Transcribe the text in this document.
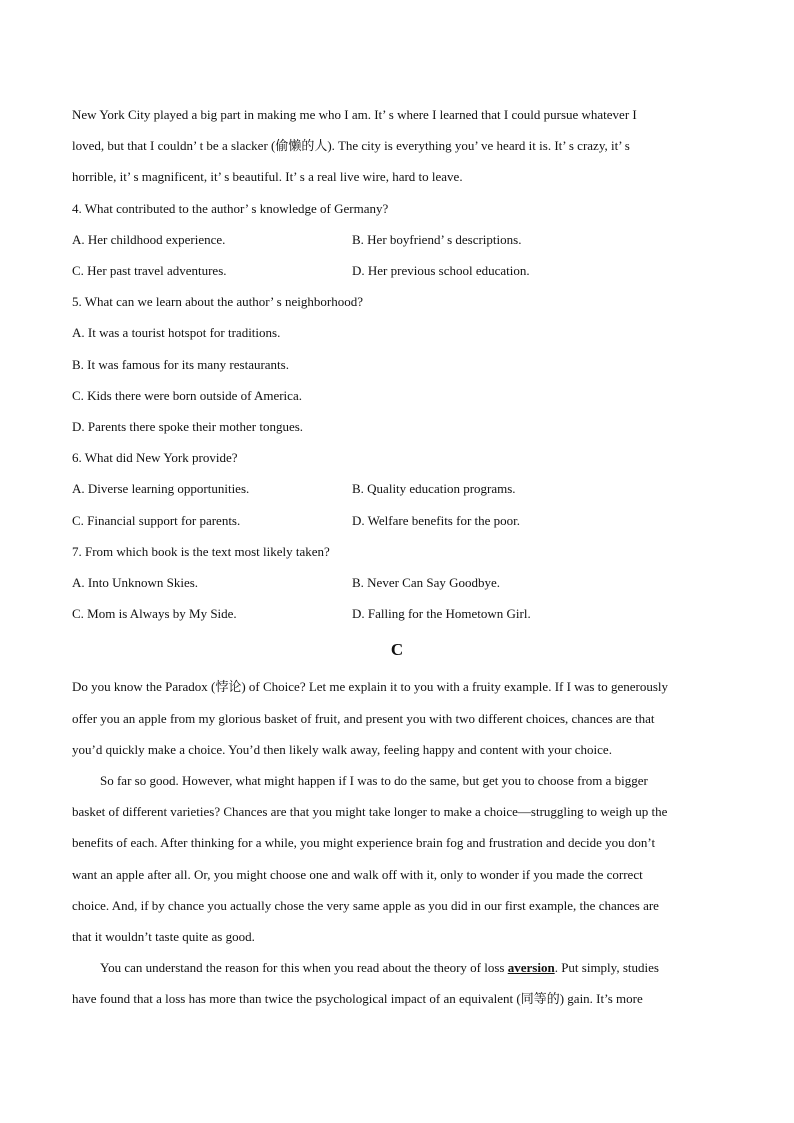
New York City played a big part in making me who I am. It’ s where I learned that I could pursue whatever I

loved, but that I couldn’ t be a slacker (偷懒的人). The city is everything you’ ve heard it is. It’ s crazy, it’ s

horrible, it’ s magnificent, it’ s beautiful. It’ s a real live wire, hard to leave.

4. What contributed to the author’ s knowledge of Germany?

A. Her childhood experience.	B. Her boyfriend’ s descriptions.
C. Her past travel adventures.	D. Her previous school education.

5. What can we learn about the author’ s neighborhood?

A. It was a tourist hotspot for traditions.

B. It was famous for its many restaurants.

C. Kids there were born outside of America.

D. Parents there spoke their mother tongues.

6. What did New York provide?

A. Diverse learning opportunities.	B. Quality education programs.
C. Financial support for parents.	D. Welfare benefits for the poor.

7. From which book is the text most likely taken?

A. Into Unknown Skies.	B. Never Can Say Goodbye.
C. Mom is Always by My Side.	D. Falling for the Hometown Girl.
C

Do you know the Paradox (悖论) of Choice? Let me explain it to you with a fruity example. If I was to generously

offer you an apple from my glorious basket of fruit, and present you with two different choices, chances are that

you’d quickly make a choice. You’d then likely walk away, feeling happy and content with your choice.

So far so good. However, what might happen if I was to do the same, but get you to choose from a bigger

basket of different varieties? Chances are that you might take longer to make a choice—struggling to weigh up the

benefits of each. After thinking for a while, you might experience brain fog and frustration and decide you don’t

want an apple after all. Or, you might choose one and walk off with it, only to wonder if you made the correct

choice. And, if by chance you actually chose the very same apple as you did in our first example, the chances are

that it wouldn’t taste quite as good.

You can understand the reason for this when you read about the theory of loss aversion. Put simply, studies

have found that a loss has more than twice the psychological impact of an equivalent (同等的) gain. It’s more
